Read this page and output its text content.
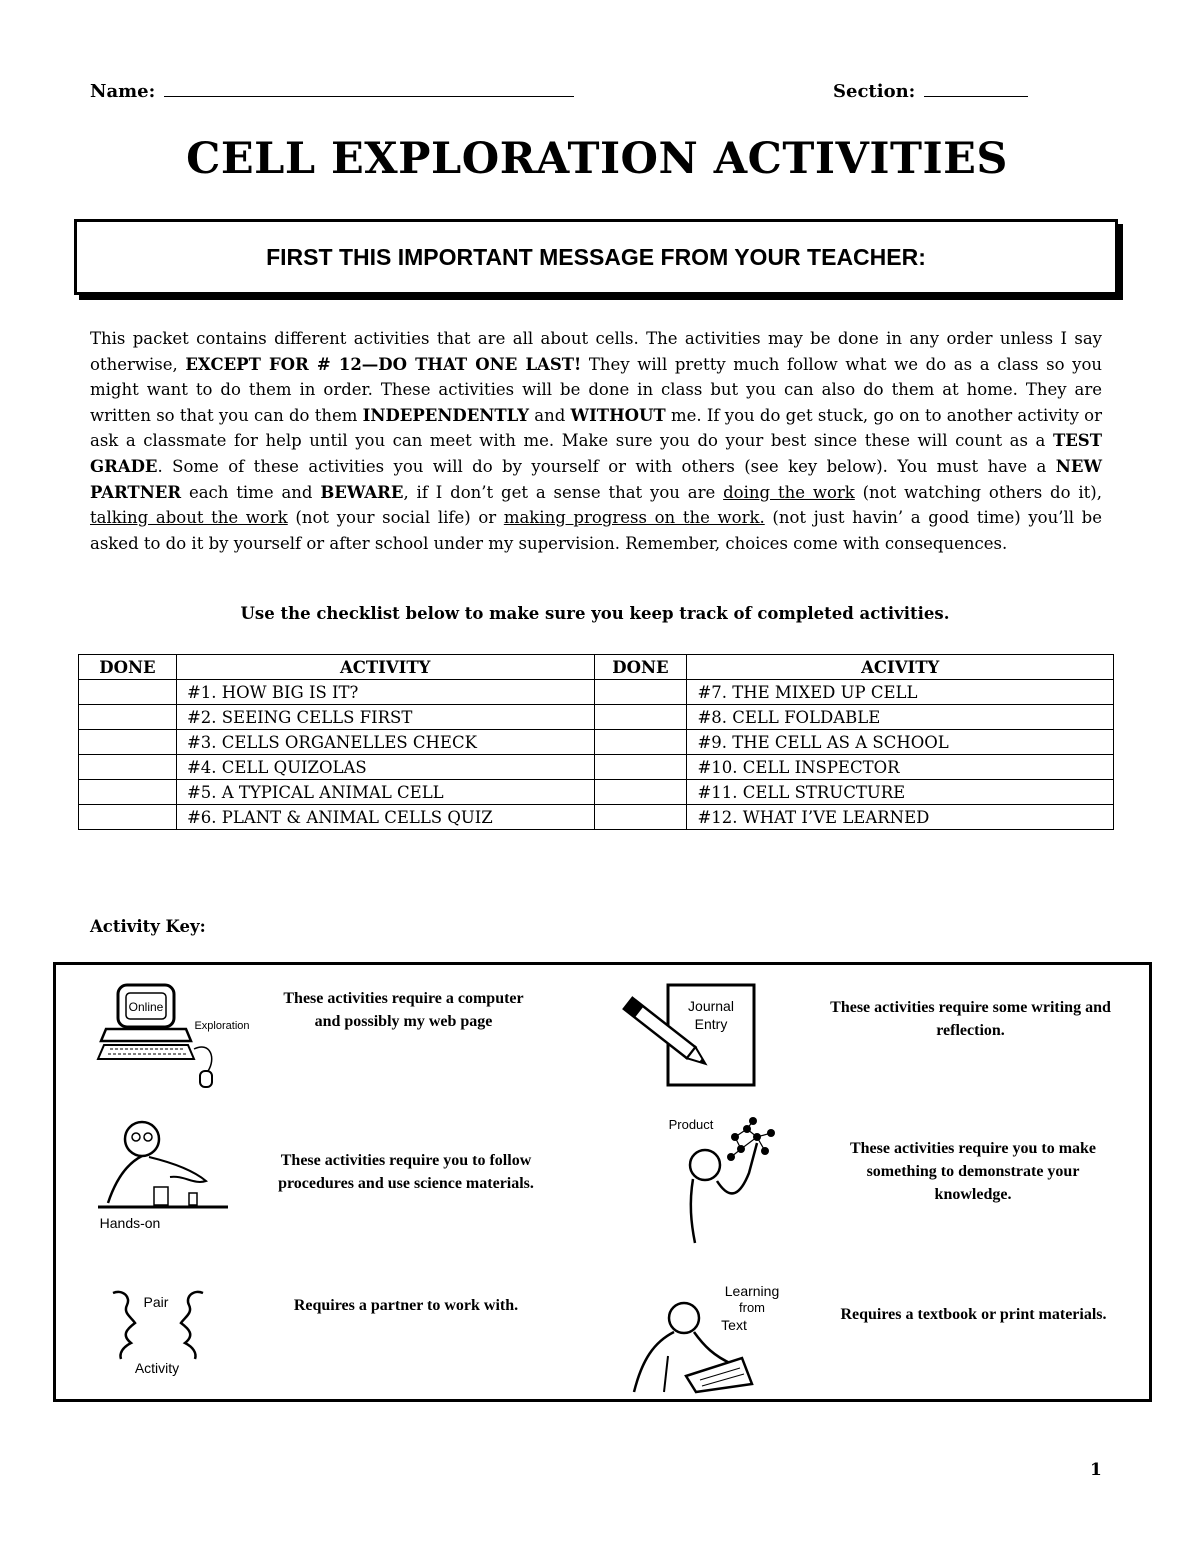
Name:	Section:
CELL EXPLORATION ACTIVITIES
FIRST THIS IMPORTANT MESSAGE FROM YOUR TEACHER:
This packet contains different activities that are all about cells. The activities may be done in any order unless I say otherwise, EXCEPT FOR # 12—DO THAT ONE LAST! They will pretty much follow what we do as a class so you might want to do them in order. These activities will be done in class but you can also do them at home. They are written so that you can do them INDEPENDENTLY and WITHOUT me. If you do get stuck, go on to another activity or ask a classmate for help until you can meet with me. Make sure you do your best since these will count as a TEST GRADE. Some of these activities you will do by yourself or with others (see key below). You must have a NEW PARTNER each time and BEWARE, if I don’t get a sense that you are doing the work (not watching others do it), talking about the work (not your social life) or making progress on the work. (not just havin’ a good time) you’ll be asked to do it by yourself or after school under my supervision. Remember, choices come with consequences.
Use the checklist below to make sure you keep track of completed activities.
DONE	ACTIVITY	DONE	ACIVITY
	#1. HOW BIG IS IT?		#7. THE MIXED UP CELL
	#2. SEEING CELLS FIRST		#8. CELL FOLDABLE
	#3. CELLS ORGANELLES CHECK		#9. THE CELL AS A SCHOOL
	#4. CELL QUIZOLAS		#10. CELL INSPECTOR
	#5. A TYPICAL ANIMAL CELL		#11. CELL STRUCTURE
	#6. PLANT & ANIMAL CELLS QUIZ		#12. WHAT I’VE LEARNED
Activity Key:
Online
Exploration
These activities require a computer and possibly my web page
Journal
Entry
These activities require some writing and reflection.
Hands-on
These activities require you to follow procedures and use science materials.
Product
These activities require you to make something to demonstrate your knowledge.
Pair
Activity
Requires a partner to work with.
Learning
from
Text
Requires a textbook or print materials.
1
